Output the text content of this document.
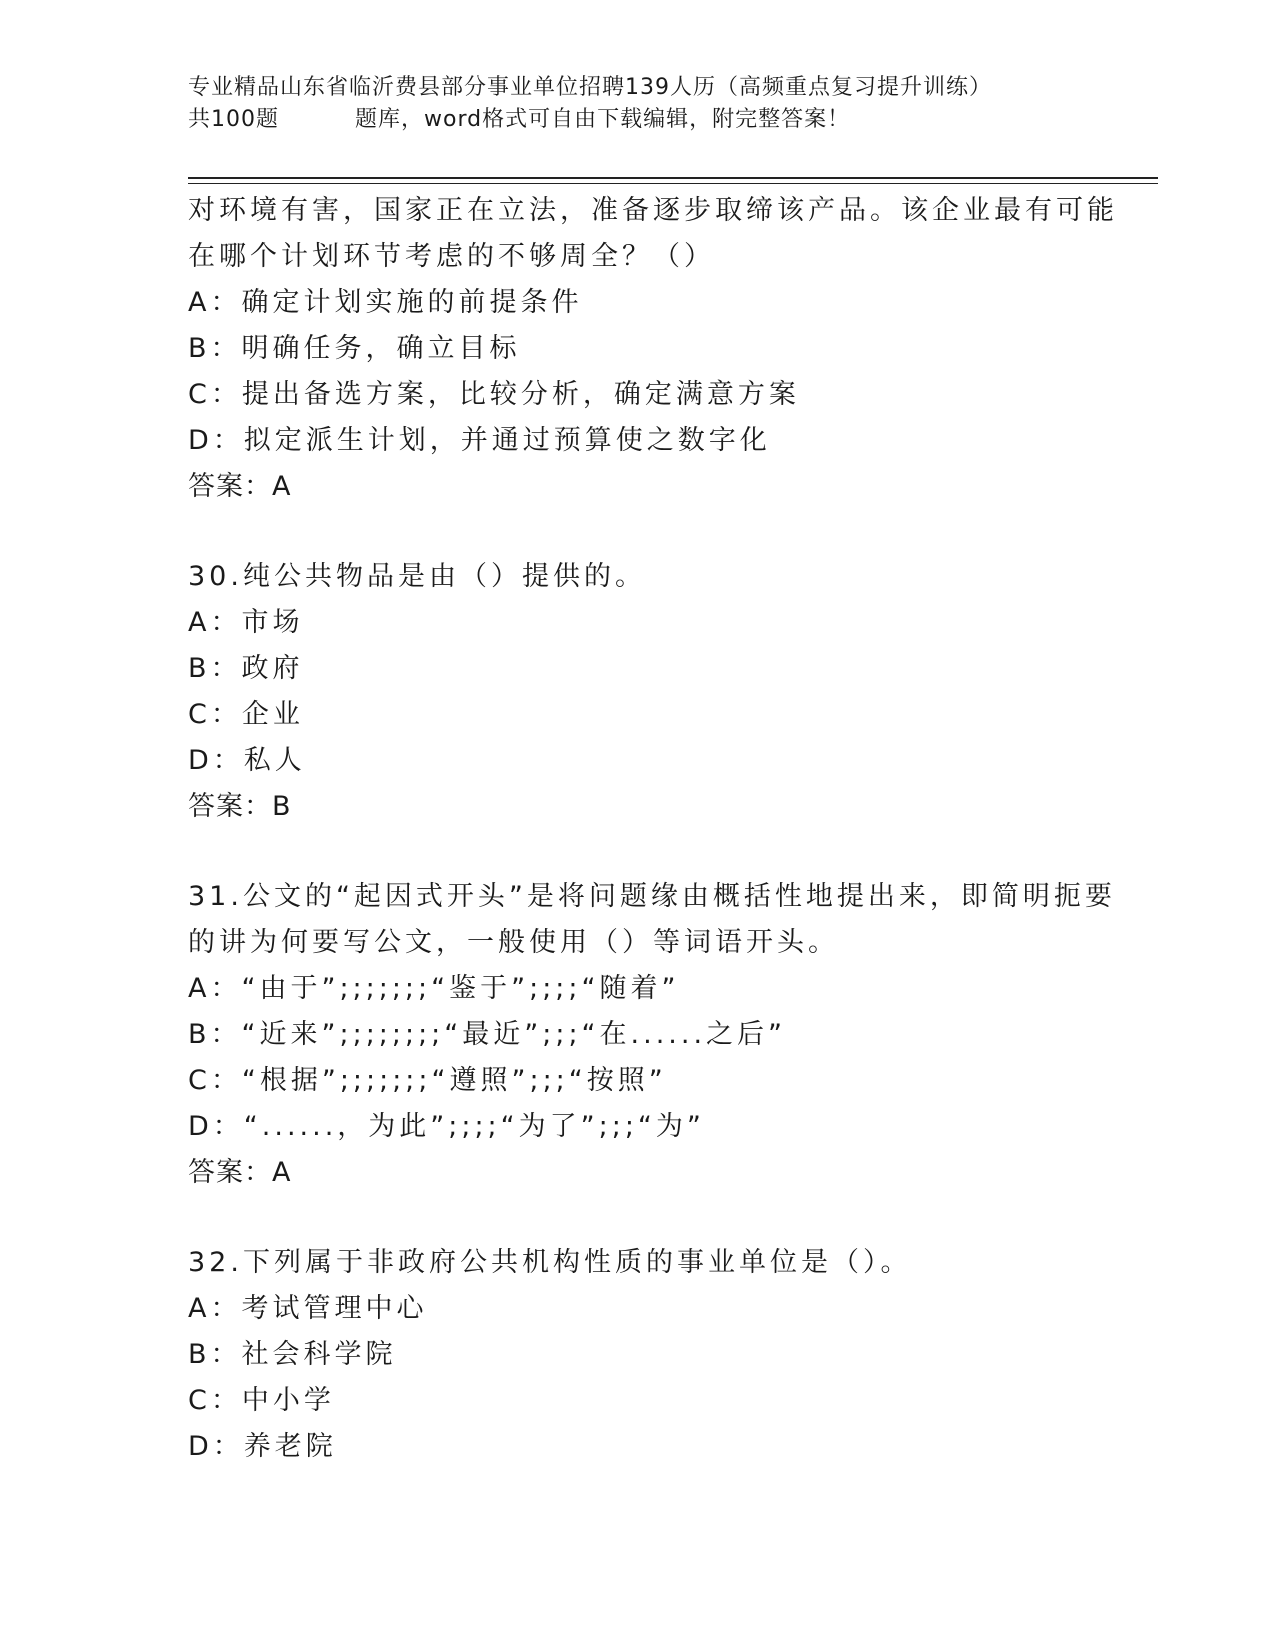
专业精品山东省临沂费县部分事业单位招聘139人历（高频重点复习提升训练）
共100题	题库，word格式可自由下载编辑，附完整答案！
对环境有害，国家正在立法，准备逐步取缔该产品。该企业最有可能
在哪个计划环节考虑的不够周全？（）
A：确定计划实施的前提条件
B：明确任务，确立目标
C：提出备选方案，比较分析，确定满意方案
D：拟定派生计划，并通过预算使之数字化
答案：A
30.纯公共物品是由（）提供的。
A：市场
B：政府
C：企业
D：私人
答案：B
31.公文的“起因式开头”是将问题缘由概括性地提出来，即简明扼要
的讲为何要写公文，一般使用（）等词语开头。
A：“由于”;;;;;;;“鉴于”;;;;“随着”
B：“近来”;;;;;;;;“最近”;;;“在......之后”
C：“根据”;;;;;;;“遵照”;;;“按照”
D：“......，为此”;;;;“为了”;;;“为”
答案：A
32.下列属于非政府公共机构性质的事业单位是（）。
A：考试管理中心
B：社会科学院
C：中小学
D：养老院
